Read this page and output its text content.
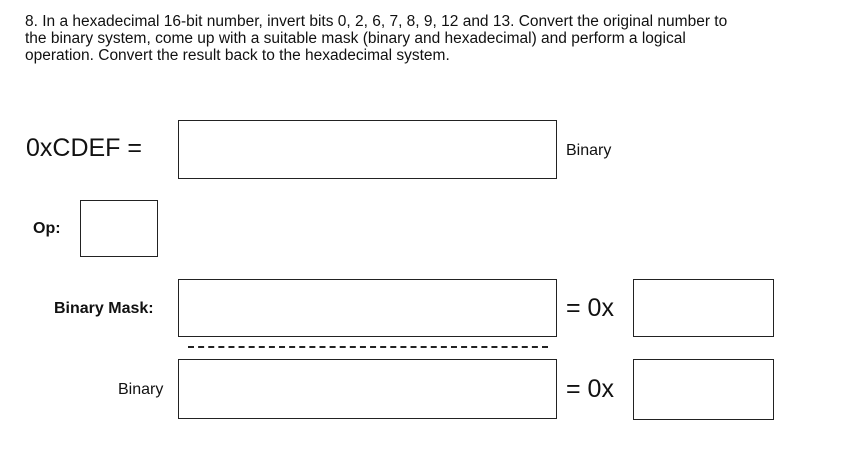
8. In a hexadecimal 16-bit number, invert bits 0, 2, 6, 7, 8, 9, 12 and 13. Convert the original number to the binary system, come up with a suitable mask (binary and hexadecimal) and perform a logical operation. Convert the result back to the hexadecimal system.

0xCDEF =	Binary
Op:
Binary Mask:	= 0x
Binary	= 0x
